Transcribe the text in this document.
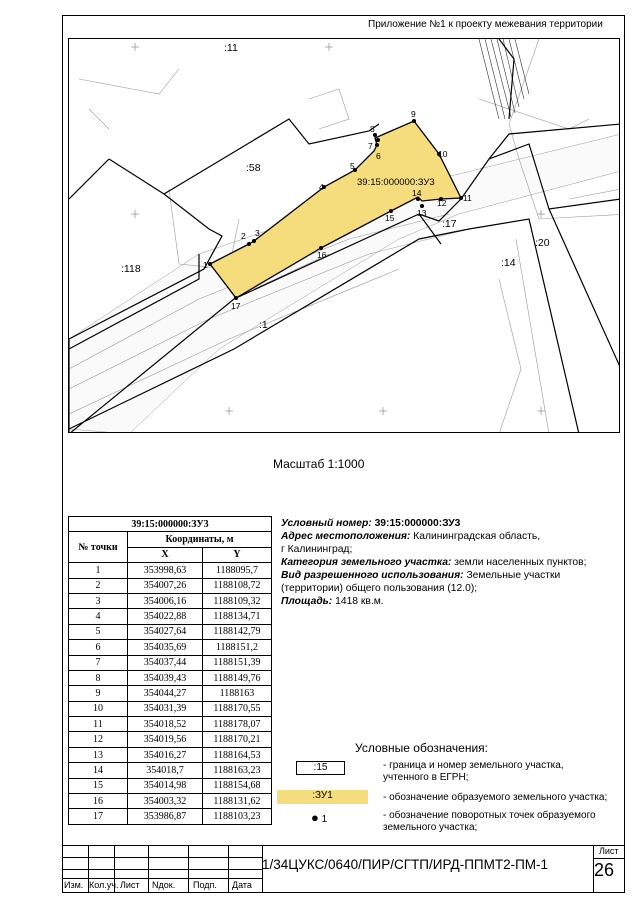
Приложение №1 к проекту межевания территории
1
2 3
4
5
6
7
8
9
10
11
12
13
14
15
16
17
39:15:000000:ЗУ3
:11
:58
:118
:1
:17
:14
:20
Масштаб 1:1000
39:15:000000:ЗУ3		
№ точки	Координаты, м	
	X	Y
1	353998,63	1188095,7
2	354007,26	1188108,72
3	354006,16	1188109,32
4	354022,88	1188134,71
5	354027,64	1188142,79
6	354035,69	1188151,2
7	354037,44	1188151,39
8	354039,43	1188149,76
9	354044,27	1188163
10	354031,39	1188170,55
11	354018,52	1188178,07
12	354019,56	1188170,21
13	354016,27	1188164,53
14	354018,7	1188163,23
15	354014,98	1188154,68
16	354003,32	1188131,62
17	353986,87	1188103,23
Условный номер: 39:15:000000:ЗУ3
Адрес местоположения: Калининградская область,
г Калининград;
Категория земельного участка: земли населенных пунктов;
Вид разрешенного использования: Земельные участки
(территории) общего пользования (12.0);
Площадь: 1418 кв.м.
Условные обозначения:
:15	- граница и номер земельного участка,
учтенного в ЕГРН;
:ЗУ1	- обозначение образуемого земельного участка;
● 1	- обозначение поворотных точек образуемого
земельного участка;
Изм. Кол.уч. Лист Nдок. Подп. Дата
1/34ЦУКС/0640/ПИР/СГТП/ИРД-ППМТ2-ПМ-1
Лист
26
